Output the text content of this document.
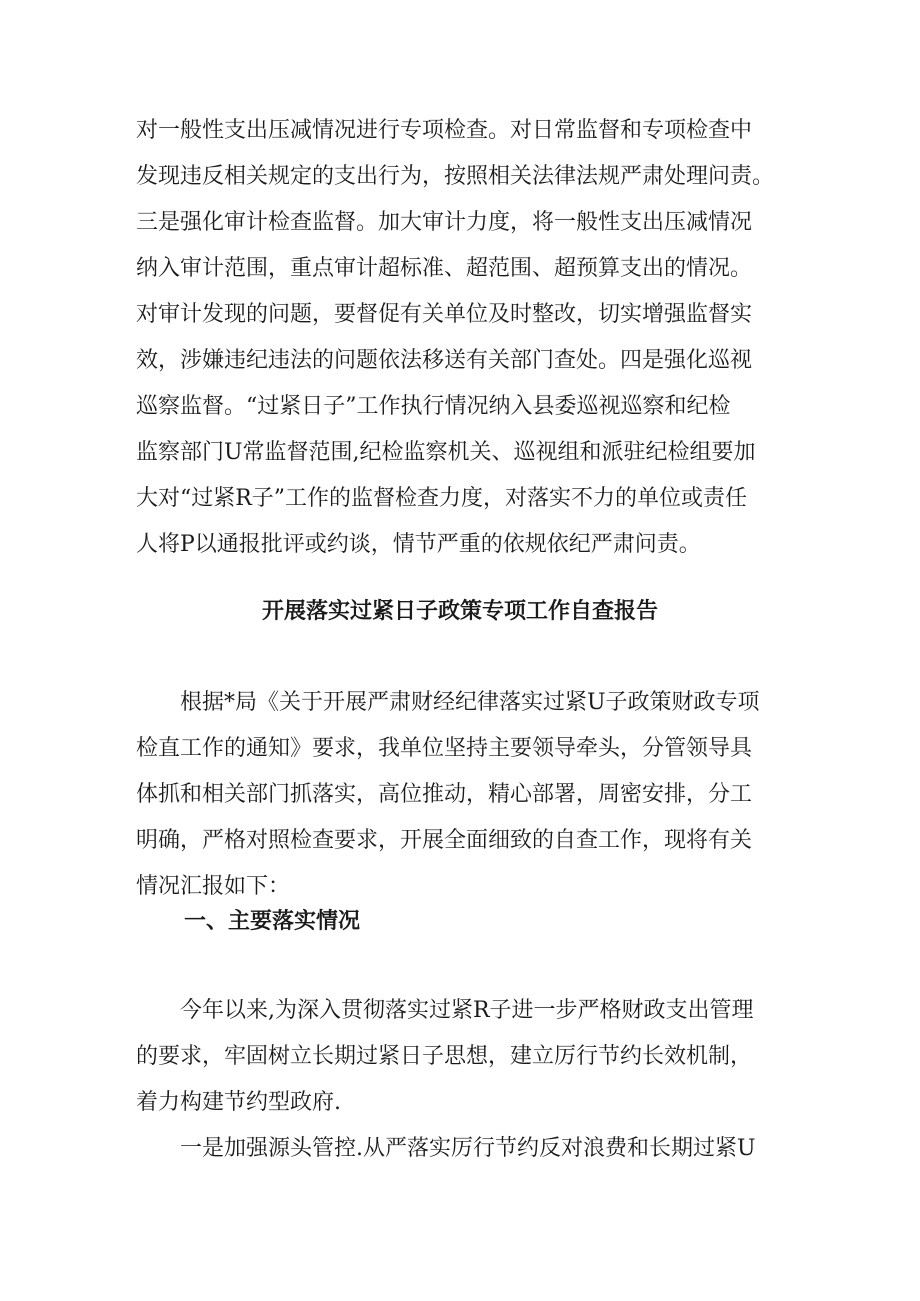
对一般性支出压减情况进行专项检查。对日常监督和专项检查中
发现违反相关规定的支出行为，按照相关法律法规严肃处理问责。
三是强化审计检查监督。加大审计力度，将一般性支出压减情况
纳入审计范围，重点审计超标准、超范围、超预算支出的情况。
对审计发现的问题，要督促有关单位及时整改，切实增强监督实
效，涉嫌违纪违法的问题依法移送有关部门查处。四是强化巡视
巡察监督。“过紧日子”工作执行情况纳入县委巡视巡察和纪检
监察部门U常监督范围,纪检监察机关、巡视组和派驻纪检组要加
大对“过紧R子”工作的监督检查力度，对落实不力的单位或责任
人将P以通报批评或约谈，情节严重的依规依纪严肃问责。
开展落实过紧日子政策专项工作自查报告
　　根据*局《关于开展严肃财经纪律落实过紧U子政策财政专项
检直工作的通知》要求，我单位坚持主要领导牵头，分管领导具
体抓和相关部门抓落实，高位推动，精心部署，周密安排，分工
明确，严格对照检查要求，开展全面细致的自查工作，现将有关
情况汇报如下：
一、主要落实情况
　　今年以来,为深入贯彻落实过紧R子进一步严格财政支出管理
的要求，牢固树立长期过紧日子思想，建立厉行节约长效机制，
着力构建节约型政府.
　　一是加强源头管控.从严落实厉行节约反对浪费和长期过紧U
